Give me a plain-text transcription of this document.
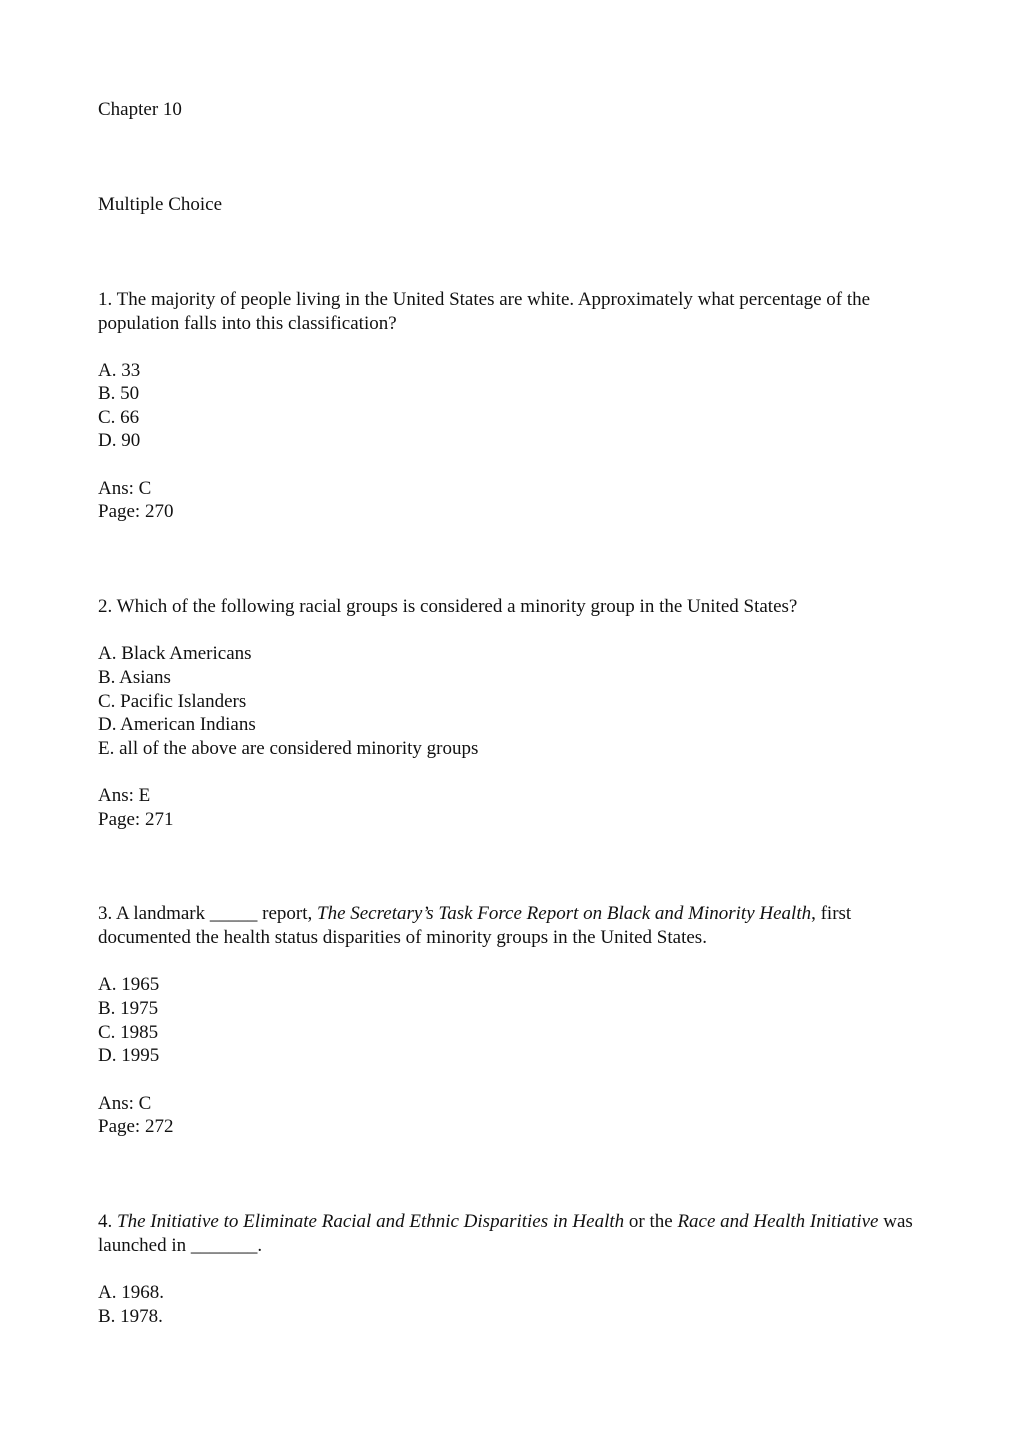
Chapter 10
Multiple Choice
1. The majority of people living in the United States are white. Approximately what percentage of the population falls into this classification?
A. 33
B. 50
C. 66
D. 90
Ans: C
Page: 270
2. Which of the following racial groups is considered a minority group in the United States?
A. Black Americans
B. Asians
C. Pacific Islanders
D. American Indians
E. all of the above are considered minority groups
Ans: E
Page: 271
3. A landmark _____ report, The Secretary’s Task Force Report on Black and Minority Health, first documented the health status disparities of minority groups in the United States.
A. 1965
B. 1975
C. 1985
D. 1995
Ans: C
Page: 272
4. The Initiative to Eliminate Racial and Ethnic Disparities in Health or the Race and Health Initiative was launched in _______.
A. 1968.
B. 1978.
